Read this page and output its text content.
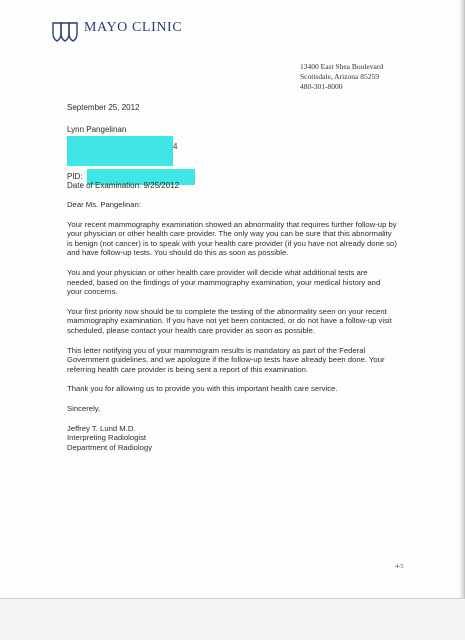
MAYO CLINIC
13400 East Shea Boulevard
Scottsdale, Arizona 85259
480-301-8000
September 25, 2012
Lynn Pangelinan
4
PID:
Date of Examination: 9/25/2012

Dear Ms. Pangelinan:

Your recent mammography examination showed an abnormality that requires further follow-up by your physician or other health care provider. The only way you can be sure that this abnormality is benign (not cancer) is to speak with your health care provider (if you have not already done so) and have follow-up tests. You should do this as soon as possible.

You and your physician or other health care provider will decide what additional tests are needed, based on the findings of your mammography examination, your medical history and your concerns.

Your first priority now should be to complete the testing of the abnormality seen on your recent mammography examination. If you have not yet been contacted, or do not have a follow-up visit scheduled, please contact your health care provider as soon as possible.

This letter notifying you of your mammogram results is mandatory as part of the Federal Government guidelines, and we apologize if the follow-up tests have already been done. Your referring health care provider is being sent a report of this examination.

Thank you for allowing us to provide you with this important health care service.

Sincerely,

Jeffrey T. Lund M.D.

Interpreting Radiologist

Department of Radiology

4-5
